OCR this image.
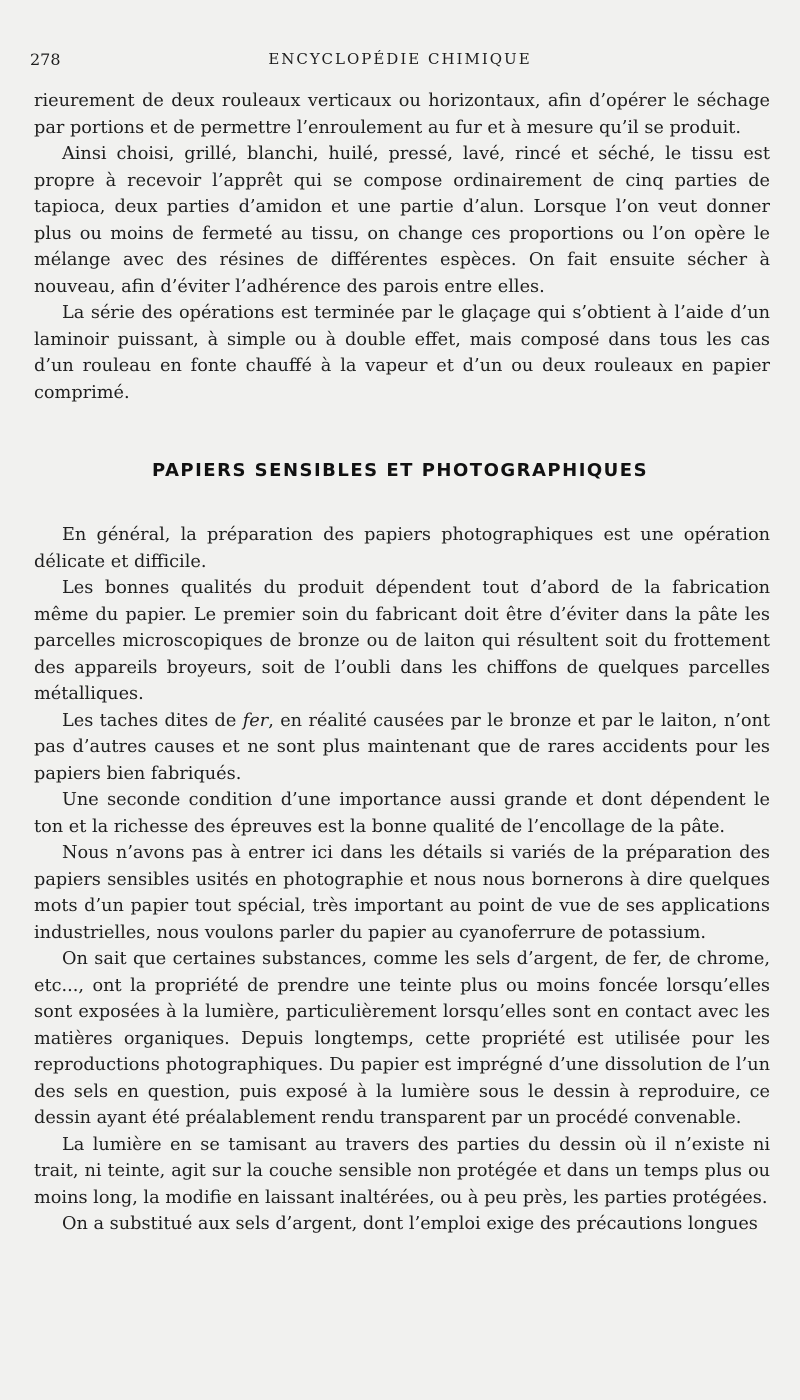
278	ENCYCLOPÉDIE CHIMIQUE

rieurement de deux rouleaux verticaux ou horizontaux, afin d’opérer le séchage par portions et de permettre l’enroulement au fur et à mesure qu’il se produit.

Ainsi choisi, grillé, blanchi, huilé, pressé, lavé, rincé et séché, le tissu est propre à recevoir l’apprêt qui se compose ordinairement de cinq parties de tapioca, deux parties d’amidon et une partie d’alun. Lorsque l’on veut donner plus ou moins de fermeté au tissu, on change ces proportions ou l’on opère le mélange avec des résines de différentes espèces. On fait ensuite sécher à nouveau, afin d’éviter l’adhérence des parois entre elles.

La série des opérations est terminée par le glaçage qui s’obtient à l’aide d’un laminoir puissant, à simple ou à double effet, mais composé dans tous les cas d’un rouleau en fonte chauffé à la vapeur et d’un ou deux rouleaux en papier comprimé.

PAPIERS SENSIBLES ET PHOTOGRAPHIQUES

En général, la préparation des papiers photographiques est une opération délicate et difficile.

Les bonnes qualités du produit dépendent tout d’abord de la fabrication même du papier. Le premier soin du fabricant doit être d’éviter dans la pâte les parcelles microscopiques de bronze ou de laiton qui résultent soit du frottement des appareils broyeurs, soit de l’oubli dans les chiffons de quelques parcelles métalliques.

Les taches dites de fer, en réalité causées par le bronze et par le laiton, n’ont pas d’autres causes et ne sont plus maintenant que de rares accidents pour les papiers bien fabriqués.

Une seconde condition d’une importance aussi grande et dont dépendent le ton et la richesse des épreuves est la bonne qualité de l’encollage de la pâte.

Nous n’avons pas à entrer ici dans les détails si variés de la préparation des papiers sensibles usités en photographie et nous nous bornerons à dire quelques mots d’un papier tout spécial, très important au point de vue de ses applications industrielles, nous voulons parler du papier au cyanoferrure de potassium.

On sait que certaines substances, comme les sels d’argent, de fer, de chrome, etc..., ont la propriété de prendre une teinte plus ou moins foncée lorsqu’elles sont exposées à la lumière, particulièrement lorsqu’elles sont en contact avec les matières organiques. Depuis longtemps, cette propriété est utilisée pour les reproductions photographiques. Du papier est imprégné d’une dissolution de l’un des sels en question, puis exposé à la lumière sous le dessin à reproduire, ce dessin ayant été préalablement rendu transparent par un procédé convenable.

La lumière en se tamisant au travers des parties du dessin où il n’existe ni trait, ni teinte, agit sur la couche sensible non protégée et dans un temps plus ou moins long, la modifie en laissant inaltérées, ou à peu près, les parties protégées.

On a substitué aux sels d’argent, dont l’emploi exige des précautions longues
